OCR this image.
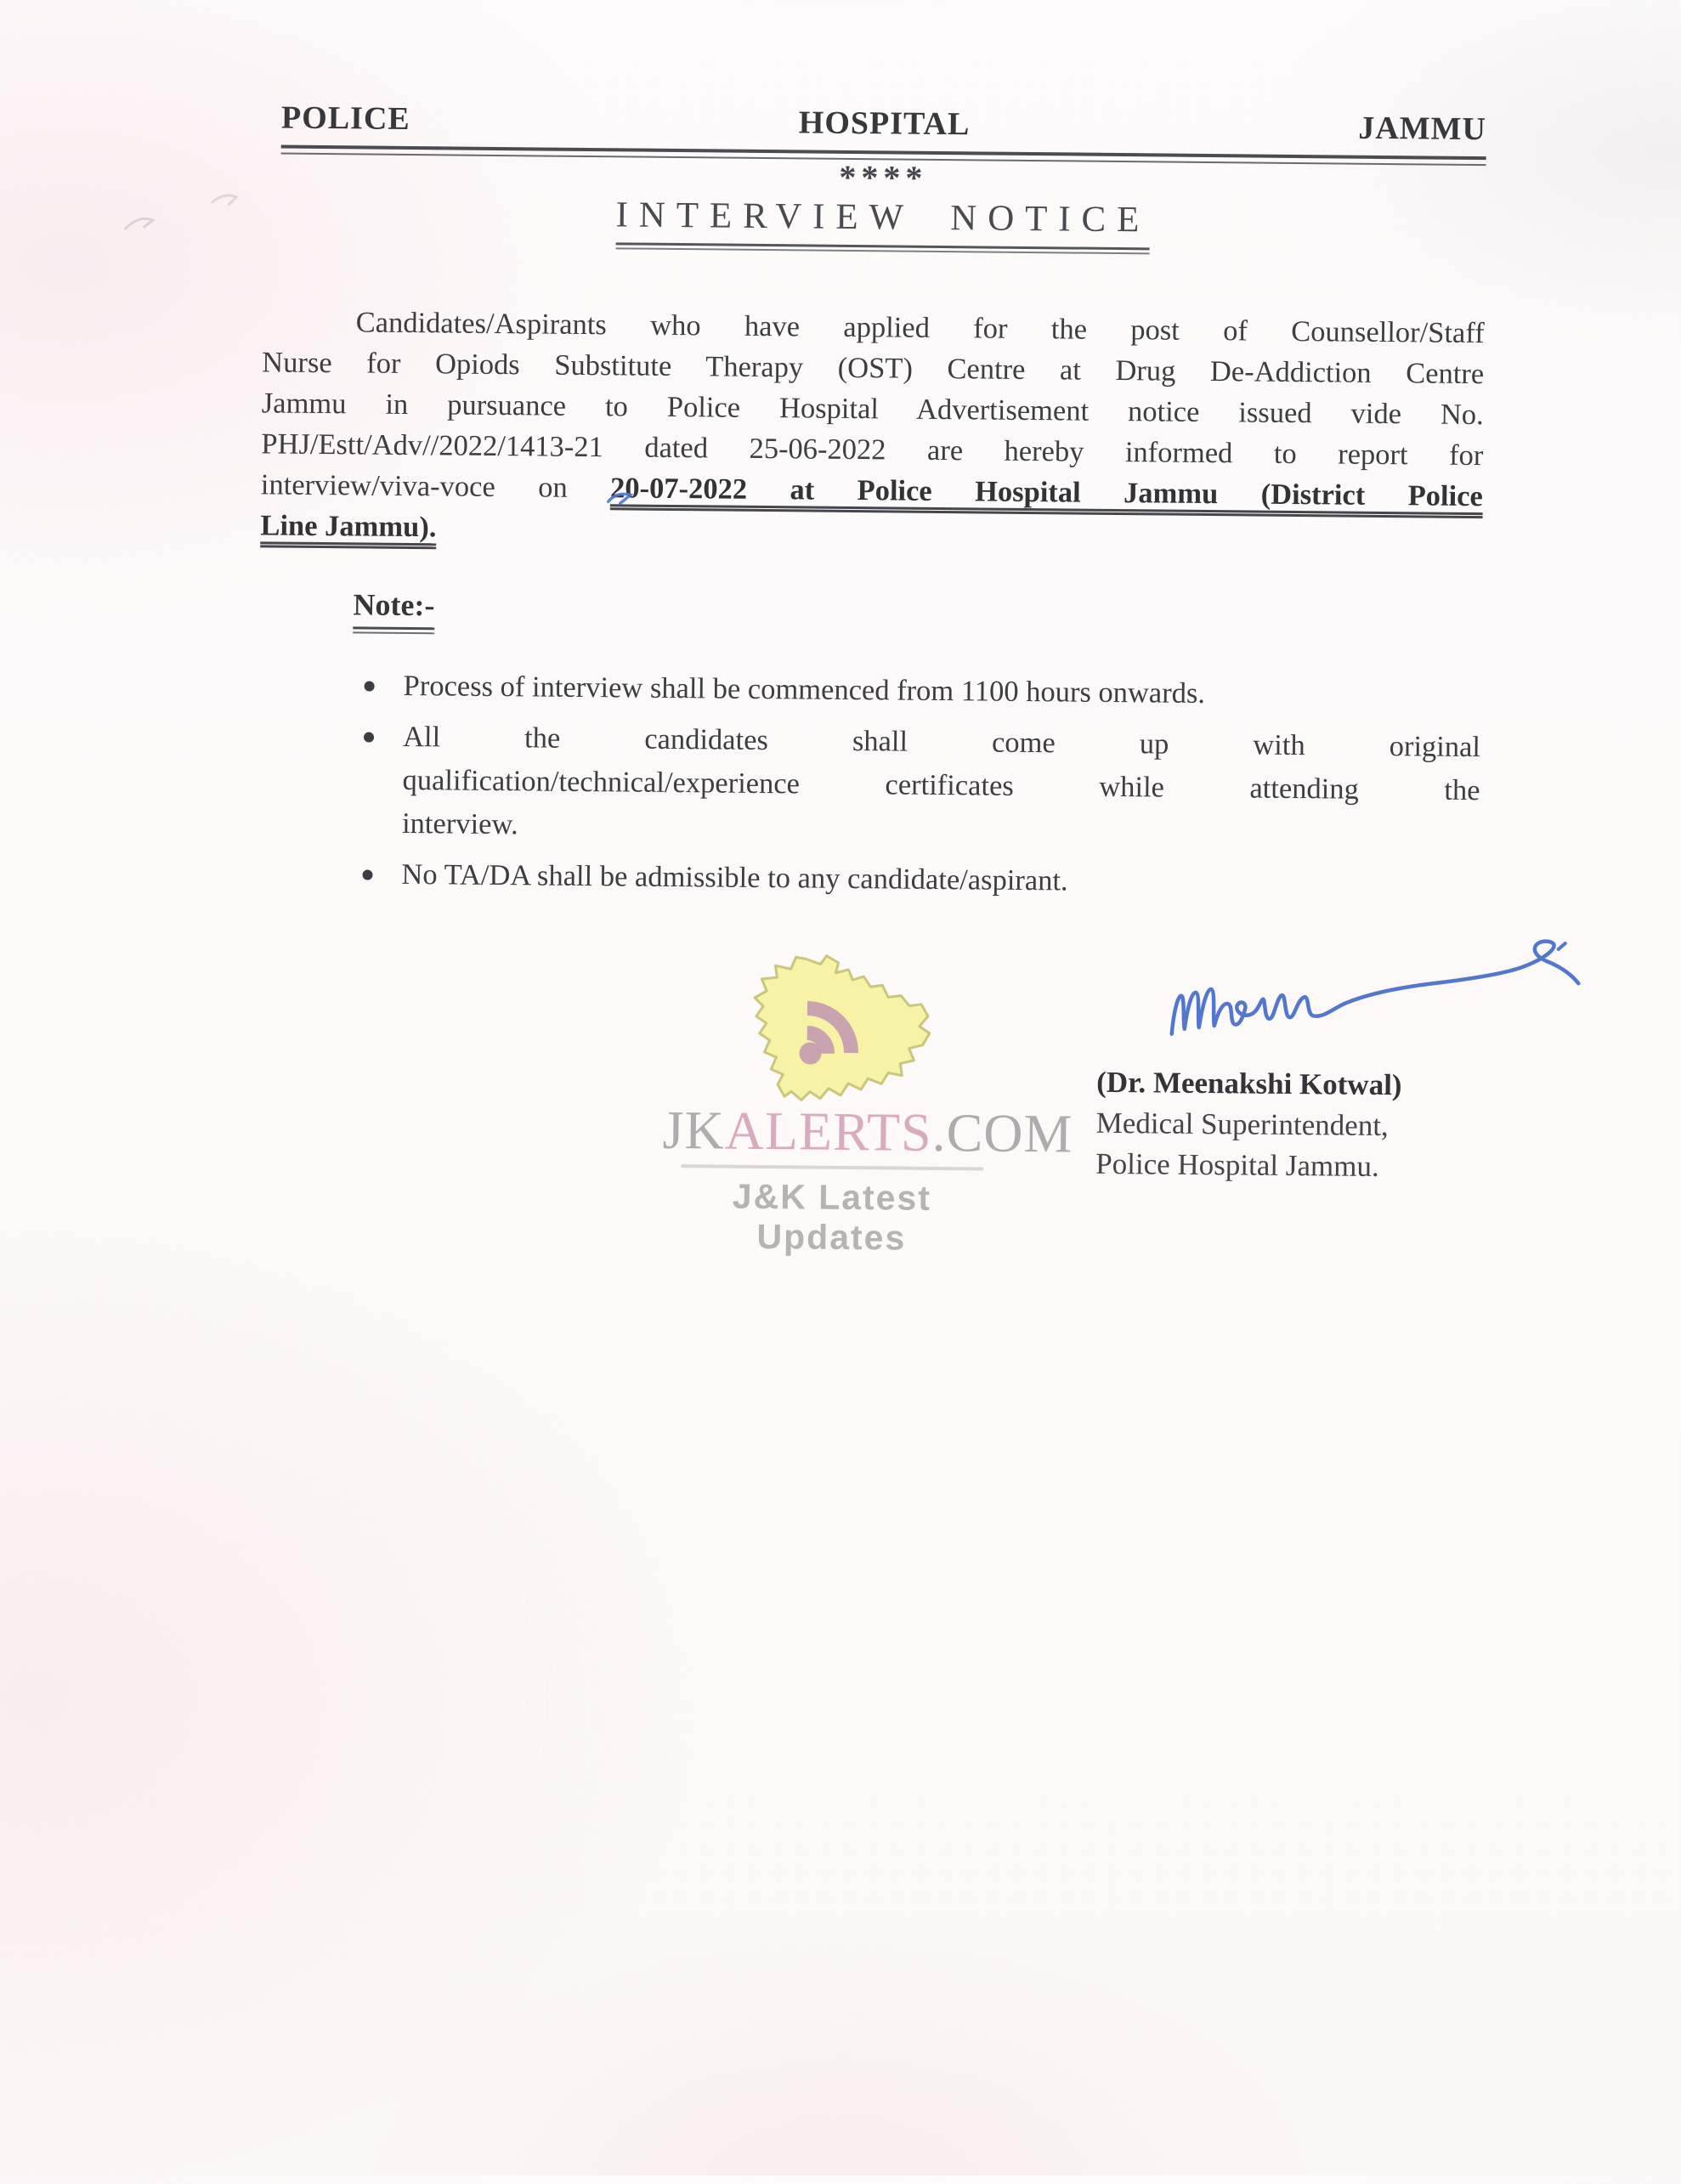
POLICE	HOSPITAL	JAMMU
****
INTERVIEW NOTICE
Candidates/Aspirants who have applied for the post of Counsellor/Staff
Nurse for Opiods Substitute Therapy (OST) Centre at Drug De-Addiction Centre
Jammu in pursuance to Police Hospital Advertisement notice issued vide No.
PHJ/Estt/Adv//2022/1413-21 dated 25-06-2022 are hereby informed to report for
interview/viva-voce on 20-07-2022 at Police Hospital Jammu (District Police
Line Jammu).
Note:-
Process of interview shall be commenced from 1100 hours onwards.
All the candidates shall come up with original
qualification/technical/experience certificates while attending the
interview.
No TA/DA shall be admissible to any candidate/aspirant.
JKALERTS.COM
J&K Latest Updates
(Dr. Meenakshi Kotwal)
Medical Superintendent,
Police Hospital Jammu.
